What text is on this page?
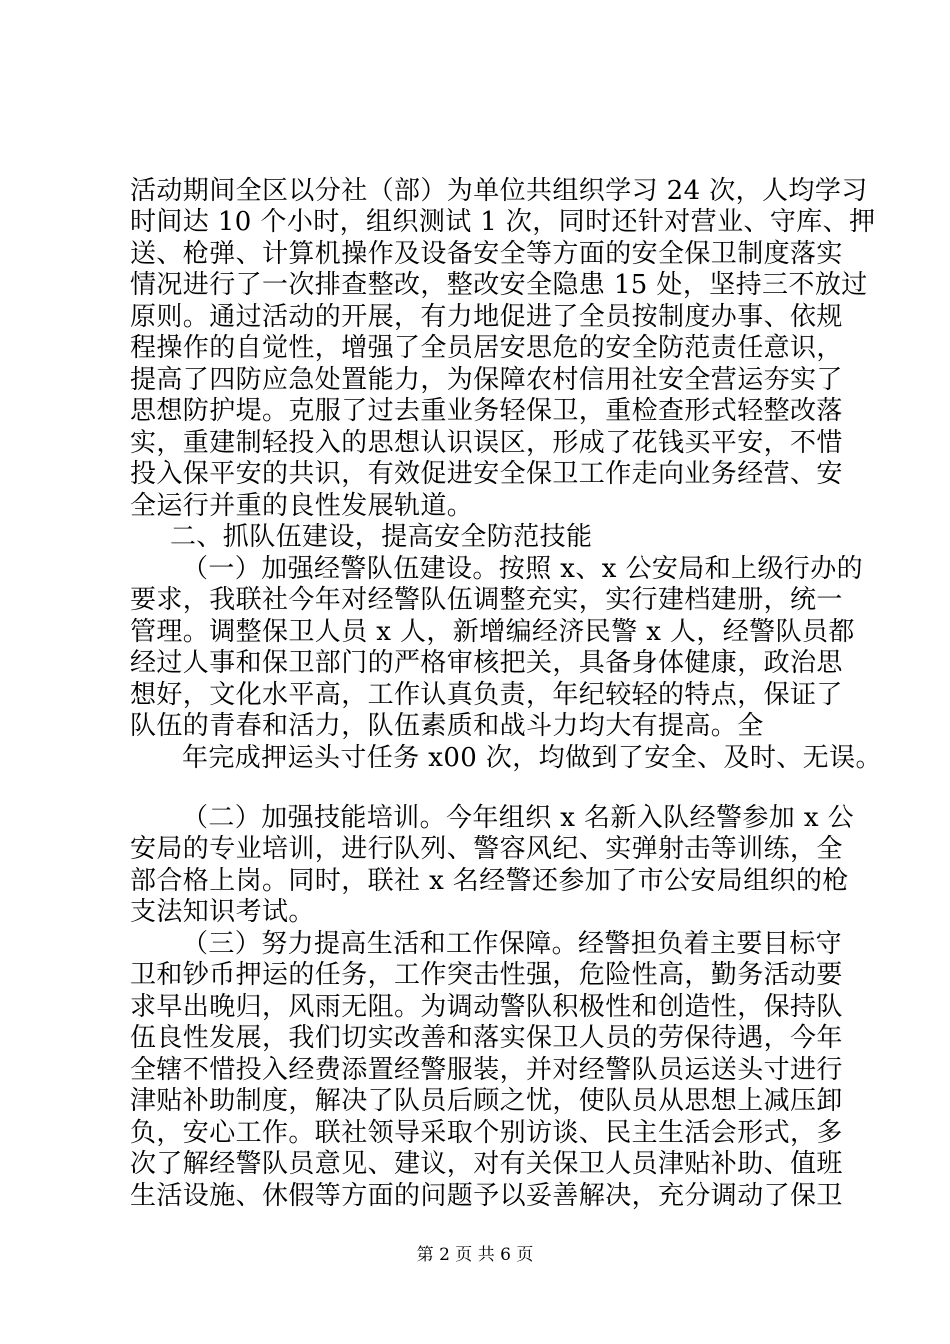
活动期间全区以分社（部）为单位共组织学习 24 次，人均学习
时间达 10 个小时，组织测试 1 次，同时还针对营业、守库、押
送、枪弹、计算机操作及设备安全等方面的安全保卫制度落实
情况进行了一次排查整改，整改安全隐患 15 处，坚持三不放过
原则。通过活动的开展，有力地促进了全员按制度办事、依规
程操作的自觉性，增强了全员居安思危的安全防范责任意识，
提高了四防应急处置能力，为保障农村信用社安全营运夯实了
思想防护堤。克服了过去重业务轻保卫，重检查形式轻整改落
实，重建制轻投入的思想认识误区，形成了花钱买平安，不惜
投入保平安的共识，有效促进安全保卫工作走向业务经营、安
全运行并重的良性发展轨道。
二、抓队伍建设，提高安全防范技能
（一）加强经警队伍建设。按照 x、x 公安局和上级行办的
要求，我联社今年对经警队伍调整充实，实行建档建册，统一
管理。调整保卫人员 x 人，新增编经济民警 x 人，经警队员都
经过人事和保卫部门的严格审核把关，具备身体健康，政治思
想好，文化水平高，工作认真负责，年纪较轻的特点，保证了
队伍的青春和活力，队伍素质和战斗力均大有提高。全
年完成押运头寸任务 x00 次，均做到了安全、及时、无误。
（二）加强技能培训。今年组织 x 名新入队经警参加 x 公
安局的专业培训，进行队列、警容风纪、实弹射击等训练，全
部合格上岗。同时，联社 x 名经警还参加了市公安局组织的枪
支法知识考试。
（三）努力提高生活和工作保障。经警担负着主要目标守
卫和钞币押运的任务，工作突击性强，危险性高，勤务活动要
求早出晚归，风雨无阻。为调动警队积极性和创造性，保持队
伍良性发展，我们切实改善和落实保卫人员的劳保待遇，今年
全辖不惜投入经费添置经警服装，并对经警队员运送头寸进行
津贴补助制度，解决了队员后顾之忧，使队员从思想上减压卸
负，安心工作。联社领导采取个别访谈、民主生活会形式，多
次了解经警队员意见、建议，对有关保卫人员津贴补助、值班
生活设施、休假等方面的问题予以妥善解决，充分调动了保卫
第 2 页 共 6 页
